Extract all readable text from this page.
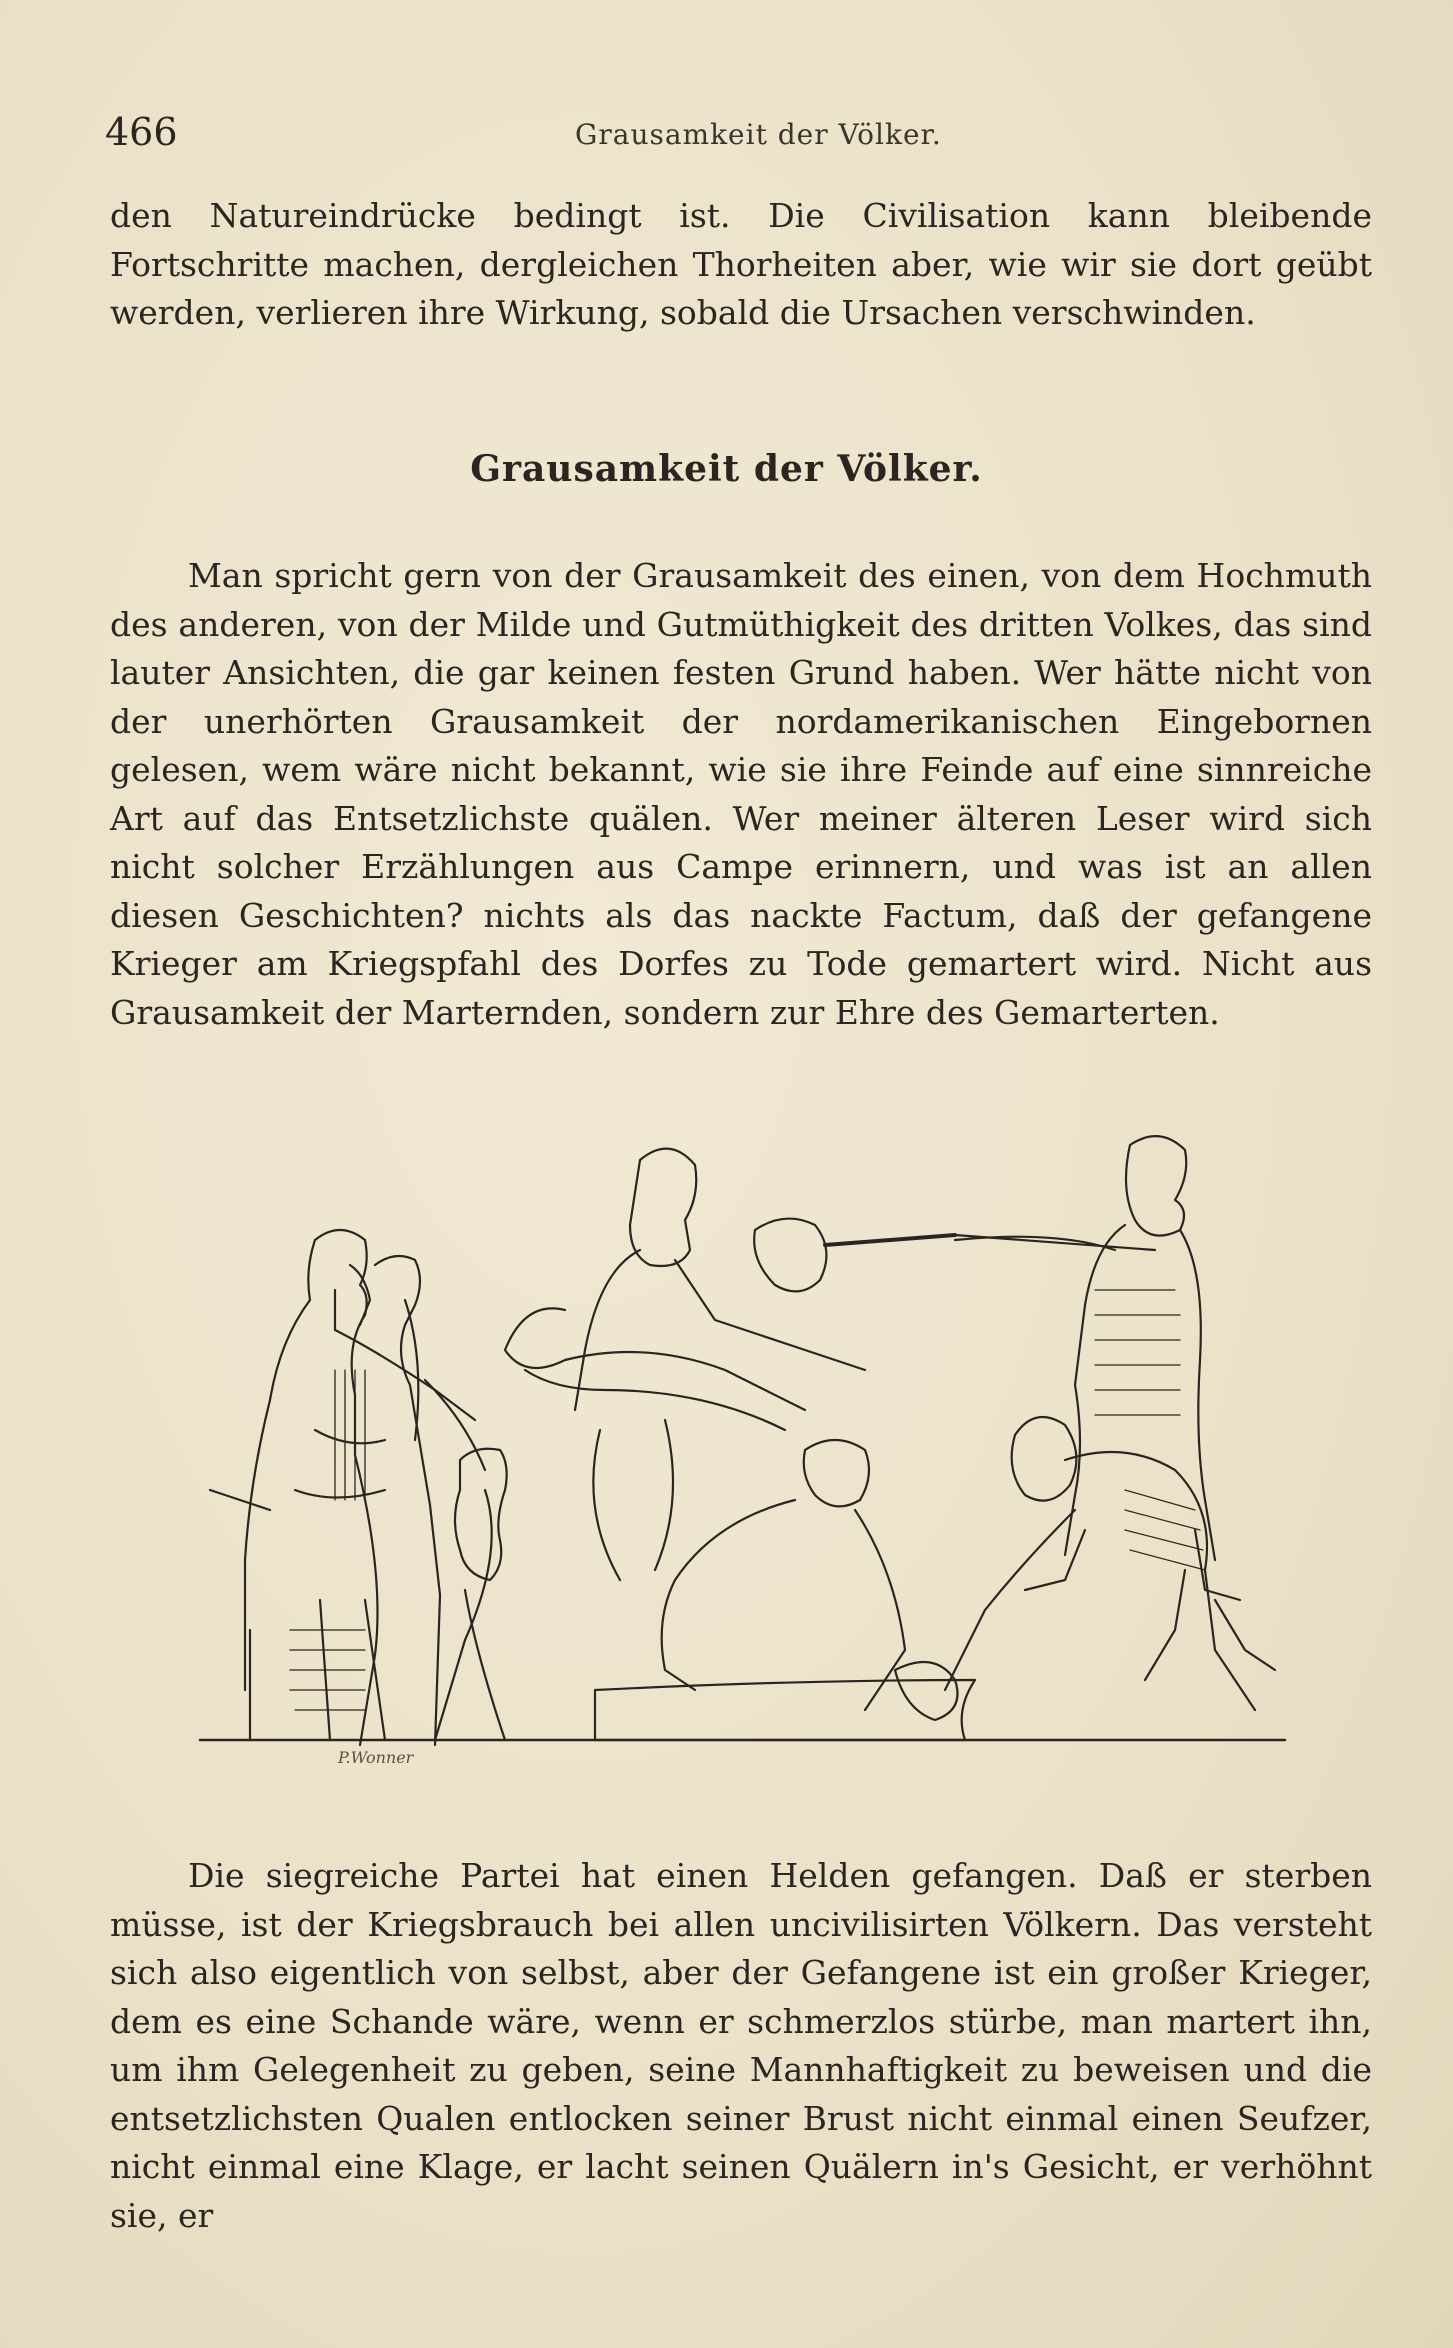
466	Grausamkeit der Völker.

den Natureindrücke bedingt ist. Die Civilisation kann bleibende Fortschritte machen, dergleichen Thorheiten aber, wie wir sie dort geübt werden, verlieren ihre Wirkung, sobald die Ursachen verschwinden.

Grausamkeit der Völker.

Man spricht gern von der Grausamkeit des einen, von dem Hochmuth des anderen, von der Milde und Gutmüthigkeit des dritten Volkes, das sind lauter Ansichten, die gar keinen festen Grund haben. Wer hätte nicht von der unerhörten Grausamkeit der nordamerikanischen Eingebornen gelesen, wem wäre nicht bekannt, wie sie ihre Feinde auf eine sinnreiche Art auf das Entsetzlichste quälen. Wer meiner älteren Leser wird sich nicht solcher Erzählungen aus Campe erinnern, und was ist an allen diesen Geschichten? nichts als das nackte Factum, daß der gefangene Krieger am Kriegspfahl des Dorfes zu Tode gemartert wird. Nicht aus Grausamkeit der Marternden, sondern zur Ehre des Gemarterten.

P.Wonner

Die siegreiche Partei hat einen Helden gefangen. Daß er sterben müsse, ist der Kriegsbrauch bei allen uncivilisirten Völkern. Das versteht sich also eigentlich von selbst, aber der Gefangene ist ein großer Krieger, dem es eine Schande wäre, wenn er schmerzlos stürbe, man martert ihn, um ihm Gelegenheit zu geben, seine Mannhaftigkeit zu beweisen und die entsetzlichsten Qualen entlocken seiner Brust nicht einmal einen Seufzer, nicht einmal eine Klage, er lacht seinen Quälern in's Gesicht, er verhöhnt sie, er
